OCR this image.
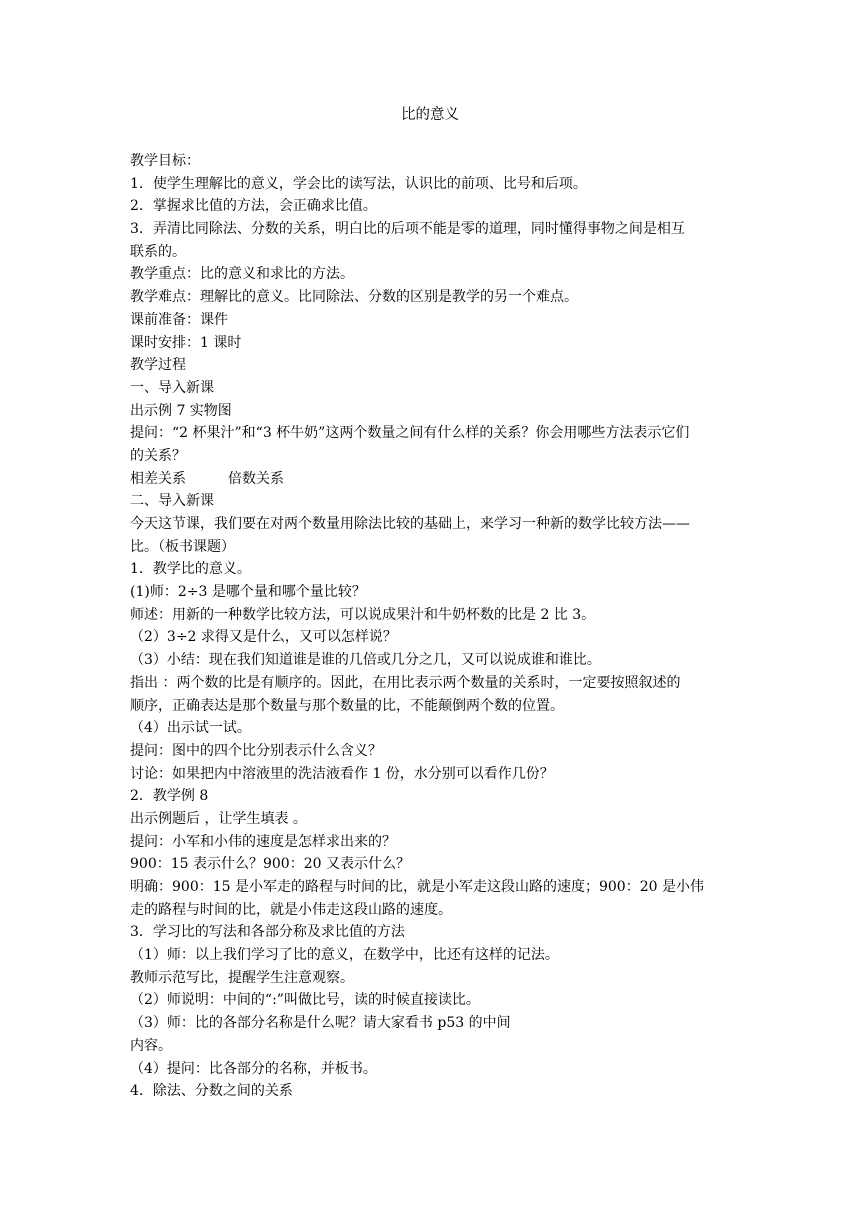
比的意义
教学目标：
1．使学生理解比的意义，学会比的读写法，认识比的前项、比号和后项。
2．掌握求比值的方法，会正确求比值。
3．弄清比同除法、分数的关系，明白比的后项不能是零的道理，同时懂得事物之间是相互
联系的。
教学重点：比的意义和求比的方法。
教学难点：理解比的意义。比同除法、分数的区别是教学的另一个难点。
课前准备：课件
课时安排：1 课时
教学过程
一、导入新课
出示例 7 实物图
提问：“2 杯果汁”和“3 杯牛奶”这两个数量之间有什么样的关系？你会用哪些方法表示它们
的关系？
相差关系　　　倍数关系
二、导入新课
今天这节课，我们要在对两个数量用除法比较的基础上，来学习一种新的数学比较方法——
比。（板书课题）
1．教学比的意义。
(1)师：2÷3 是哪个量和哪个量比较？
师述：用新的一种数学比较方法，可以说成果汁和牛奶杯数的比是 2 比 3。
（2）3÷2 求得又是什么，又可以怎样说？
（3）小结：现在我们知道谁是谁的几倍或几分之几，又可以说成谁和谁比。
指出 ：两个数的比是有顺序的。因此，在用比表示两个数量的关系时，一定要按照叙述的
顺序，正确表达是那个数量与那个数量的比，不能颠倒两个数的位置。
（4）出示试一试。
提问：图中的四个比分别表示什么含义？
讨论：如果把内中溶液里的洗洁液看作 1 份，水分别可以看作几份？
2．教学例 8
出示例题后 ，让学生填表 。
提问：小军和小伟的速度是怎样求出来的？
900：15 表示什么？900：20 又表示什么？
明确：900：15 是小军走的路程与时间的比，就是小军走这段山路的速度；900：20 是小伟
走的路程与时间的比，就是小伟走这段山路的速度。
3．学习比的写法和各部分称及求比值的方法
（1）师：以上我们学习了比的意义，在数学中，比还有这样的记法。
教师示范写比，提醒学生注意观察。
（2）师说明：中间的“:”叫做比号，读的时候直接读比。
（3）师：比的各部分名称是什么呢？请大家看书 p53 的中间
内容。
（4）提问：比各部分的名称，并板书。
4．除法、分数之间的关系
